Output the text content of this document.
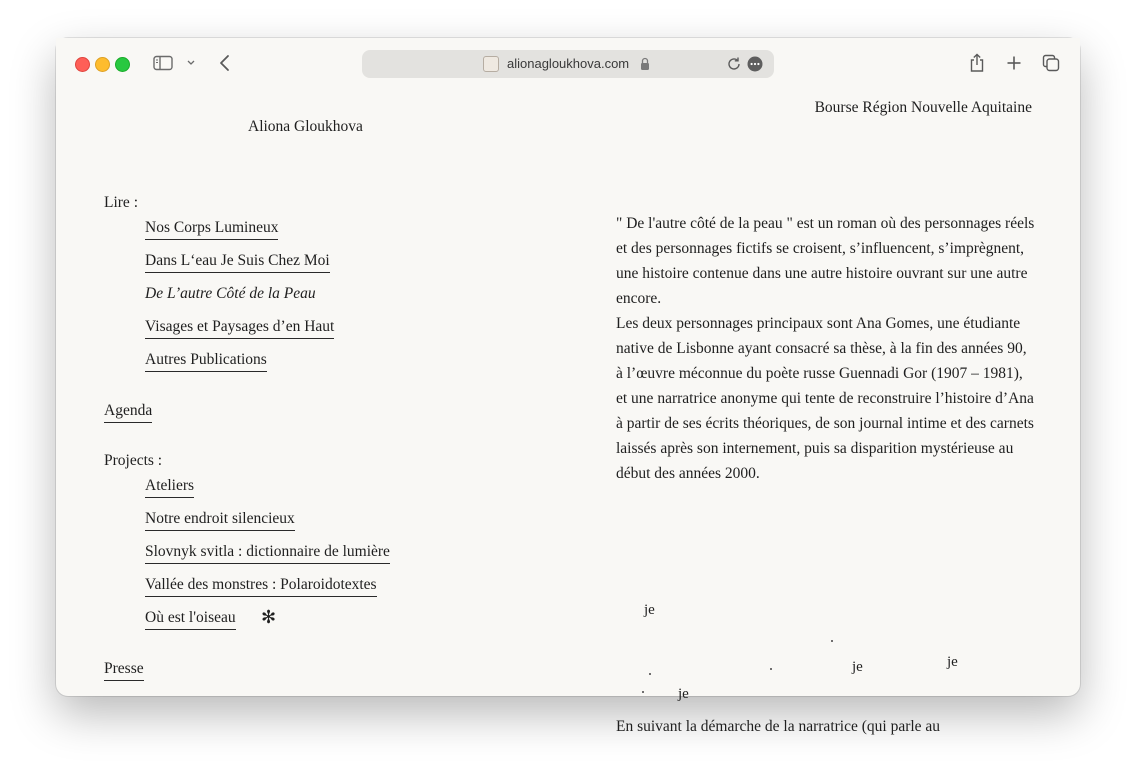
alionagloukhova.com
Aliona Gloukhova
Bourse Région Nouvelle Aquitaine
Lire :
Nos Corps Lumineux
Dans L‘eau Je Suis Chez Moi
De L’autre Côté de la Peau
Visages et Paysages d’en Haut
Autres Publications
Agenda
Projects :
Ateliers
Notre endroit silencieux
Slovnyk svitla : dictionnaire de lumière
Vallée des monstres : Polaroidotextes
Où est l'oiseau ✻
Presse

" De l'autre côté de la peau " est un roman où des personnages réels et des personnages fictifs se croisent, s’influencent, s’imprègnent, une histoire contenue dans une autre histoire ouvrant sur une autre encore.

Les deux personnages principaux sont Ana Gomes, une étudiante native de Lisbonne ayant consacré sa thèse, à la fin des années 90, à l’œuvre méconnue du poète russe Guennadi Gor (1907 – 1981), et une narratrice anonyme qui tente de reconstruire l’histoire d’Ana à partir de ses écrits théoriques, de son journal intime et des carnets laissés après son internement, puis sa disparition mystérieuse au début des années 2000.

je
je	je
je

En suivant la démarche de la narratrice (qui parle au
